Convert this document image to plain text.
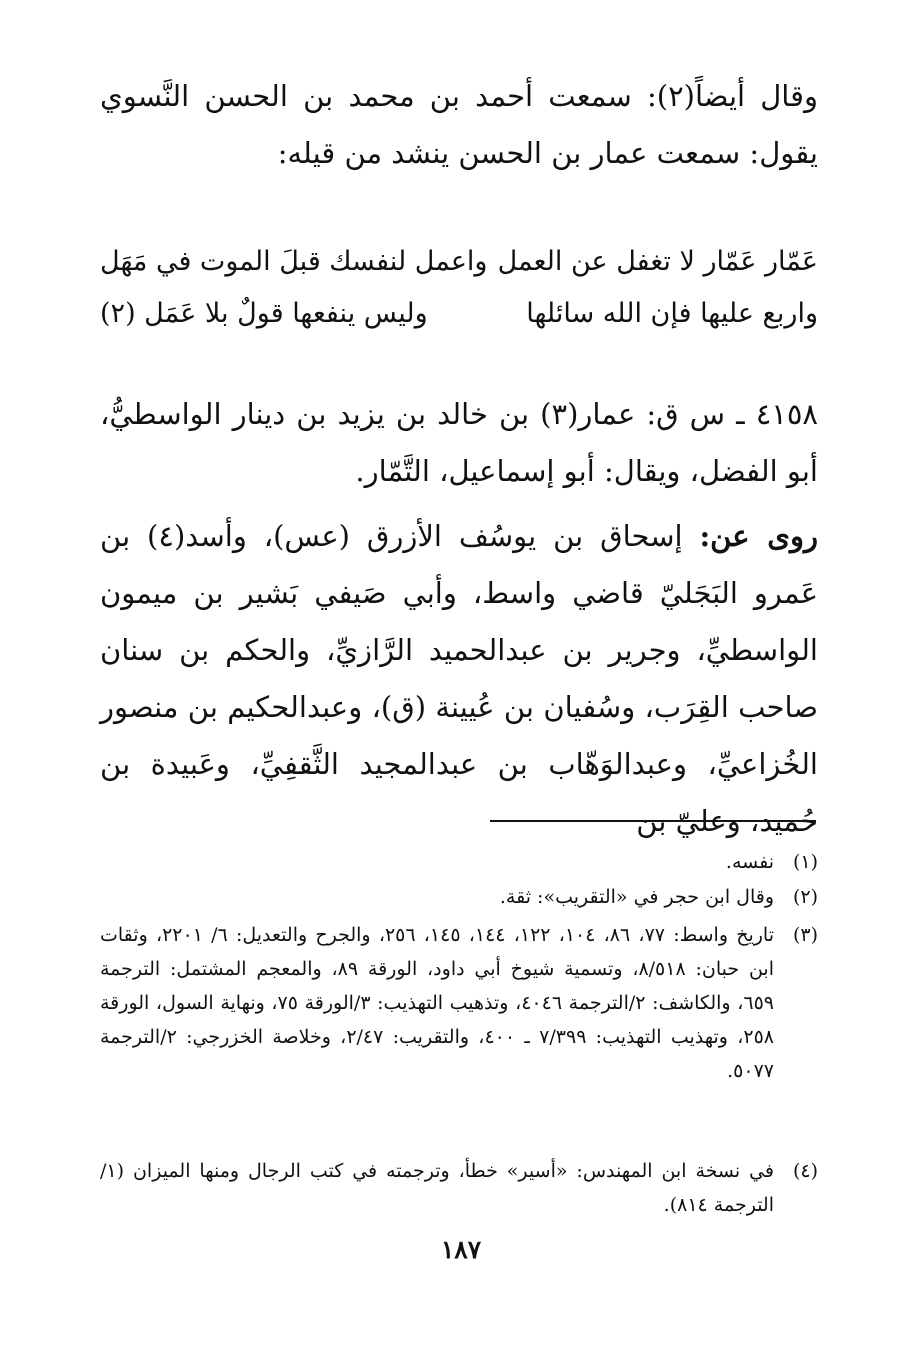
وقال أيضاً(٢): سمعت أحمد بن محمد بن الحسن النَّسوي يقول: سمعت عمار بن الحسن ينشد من قيله:
عَمّار عَمّار لا تغفل عن العمل
واعمل لنفسك قبلَ الموت في مَهَل
واربع عليها فإن الله سائلها
وليس ينفعها قولٌ بلا عَمَل (٢)
٤١٥٨ ـ س ق: عمار(٣) بن خالد بن يزيد بن دينار الواسطيُّ، أبو الفضل، ويقال: أبو إسماعيل، التَّمّار.
روى عن: إسحاق بن يوسُف الأزرق (عس)، وأسد(٤) بن عَمرو البَجَليّ قاضي واسط، وأبي صَيفي بَشير بن ميمون الواسطيِّ، وجرير بن عبدالحميد الرَّازيِّ، والحكم بن سنان صاحب القِرَب، وسُفيان بن عُيينة (ق)، وعبدالحكيم بن منصور الخُزاعيِّ، وعبدالوَهّاب بن عبدالمجيد الثَّقفِيِّ، وعَبيدة بن حُميد، وعليّ بن
(١)
نفسه.
(٢)
وقال ابن حجر في «التقريب»: ثقة.
(٣)
تاريخ واسط: ٧٧، ٨٦، ١٠٤، ١٢٢، ١٤٤، ١٤٥، ٢٥٦، والجرح والتعديل: ٦/ ٢٢٠١، وثقات ابن حبان: ٨/٥١٨، وتسمية شيوخ أبي داود، الورقة ٨٩، والمعجم المشتمل: الترجمة ٦٥٩، والكاشف: ٢/الترجمة ٤٠٤٦، وتذهيب التهذيب: ٣/الورقة ٧٥، ونهاية السول، الورقة ٢٥٨، وتهذيب التهذيب: ٧/٣٩٩ ـ ٤٠٠، والتقريب: ٢/٤٧، وخلاصة الخزرجي: ٢/الترجمة ٥٠٧٧.
(٤)
في نسخة ابن المهندس: «أسير» خطأ، وترجمته في كتب الرجال ومنها الميزان (١/الترجمة ٨١٤).
١٨٧
